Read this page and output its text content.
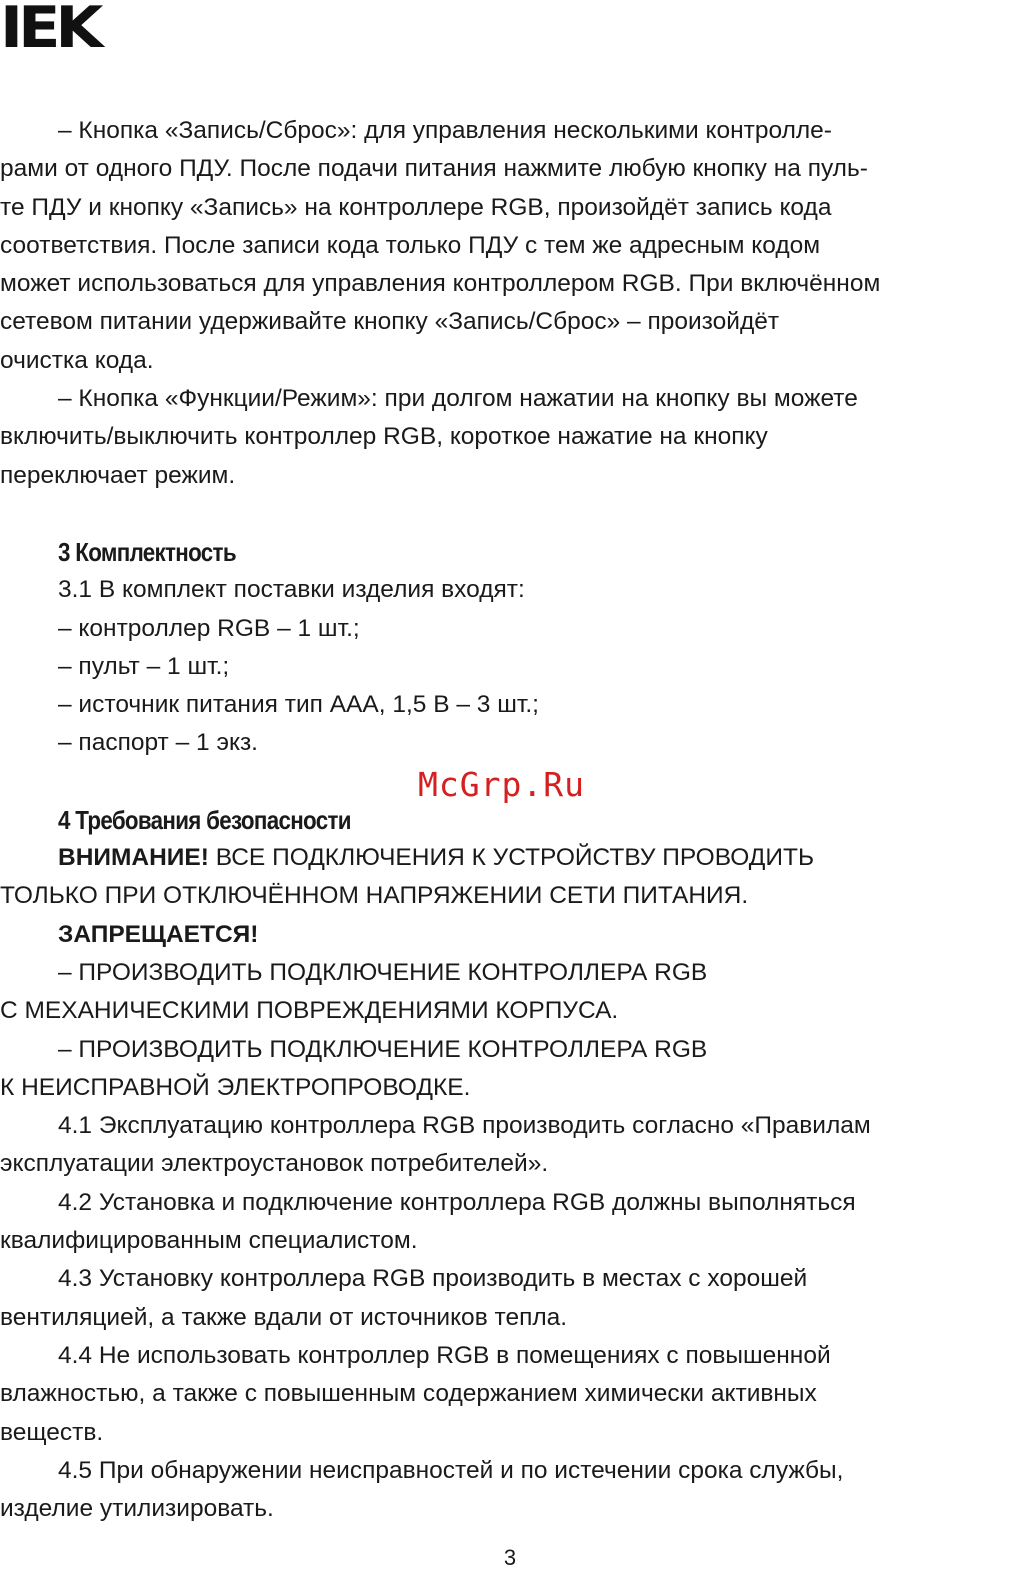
IEK
– Кнопка «Запись/Сброс»: для управления несколькими контролле-
рами от одного ПДУ. После подачи питания нажмите любую кнопку на пуль-
те ПДУ и кнопку «Запись» на контроллере RGB, произойдёт запись кода
соответствия. После записи кода только ПДУ с тем же адресным кодом
может использоваться для управления контроллером RGB. При включённом
сетевом питании удерживайте кнопку «Запись/Сброс» – произойдёт
очистка кода.
– Кнопка «Функции/Режим»: при долгом нажатии на кнопку вы можете
включить/выключить контроллер RGB, короткое нажатие на кнопку
переключает режим.
3 Комплектность
3.1 В комплект поставки изделия входят:
– контроллер RGB – 1 шт.;
– пульт – 1 шт.;
– источник питания тип ААА, 1,5 В – 3 шт.;
– паспорт – 1 экз.
4 Требования безопасности
ВНИМАНИЕ! ВСЕ ПОДКЛЮЧЕНИЯ К УСТРОЙСТВУ ПРОВОДИТЬ
ТОЛЬКО ПРИ ОТКЛЮЧЁННОМ НАПРЯЖЕНИИ СЕТИ ПИТАНИЯ.
ЗАПРЕЩАЕТСЯ!
– ПРОИЗВОДИТЬ ПОДКЛЮЧЕНИЕ КОНТРОЛЛЕРА RGB
С МЕХАНИЧЕСКИМИ ПОВРЕЖДЕНИЯМИ КОРПУСА.
– ПРОИЗВОДИТЬ ПОДКЛЮЧЕНИЕ КОНТРОЛЛЕРА RGB
К НЕИСПРАВНОЙ ЭЛЕКТРОПРОВОДКЕ.
4.1 Эксплуатацию контроллера RGB производить согласно «Правилам
эксплуатации электроустановок потребителей».
4.2 Установка и подключение контроллера RGB должны выполняться
квалифицированным специалистом.
4.3 Установку контроллера RGB производить в местах с хорошей
вентиляцией, а также вдали от источников тепла.
4.4 Не использовать контроллер RGB в помещениях с повышенной
влажностью, а также с повышенным содержанием химически активных
веществ.
4.5 При обнаружении неисправностей и по истечении срока службы,
изделие утилизировать.
McGrp.Ru
3
